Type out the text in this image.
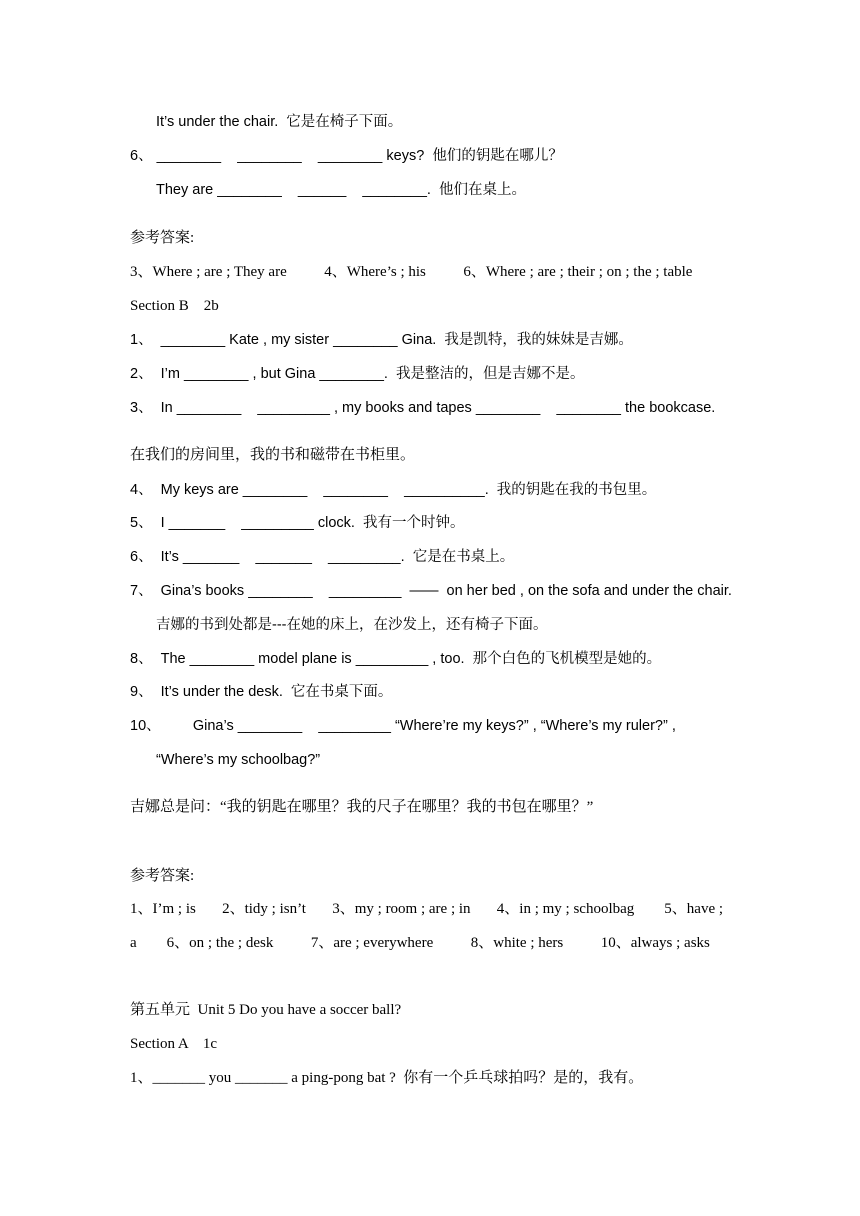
It’s under the chair.  它是在椅子下面。
6、 ________    ________    ________ keys?  他们的钥匙在哪儿？
They are ________    ______    ________.  他们在桌上。
参考答案:
3、Where ; are ; They are          4、Where’s ; his          6、Where ; are ; their ; on ; the ; table
Section B    2b
1、  ________ Kate , my sister ________ Gina.  我是凯特，我的妹妹是吉娜。
2、  I’m ________ , but Gina ________.  我是整洁的，但是吉娜不是。
3、  In ________    _________ , my books and tapes ________    ________ the bookcase.
在我们的房间里，我的书和磁带在书柜里。
4、  My keys are ________    ________    __________.  我的钥匙在我的书包里。
5、  I _______    _________ clock.  我有一个时钟。
6、  It’s _______    _______    _________.  它是在书桌上。
7、  Gina’s books ________    _________  ——  on her bed , on the sofa and under the chair.
吉娜的书到处都是---在她的床上，在沙发上，还有椅子下面。
8、  The ________ model plane is _________ , too.  那个白色的飞机模型是她的。
9、  It’s under the desk.  它在书桌下面。
10、        Gina’s ________    _________ “Where’re my keys?” , “Where’s my ruler?” ,
“Where’s my schoolbag?”
吉娜总是问：“我的钥匙在哪里？我的尺子在哪里？我的书包在哪里？”
参考答案:
1、I’m ; is       2、tidy ; isn’t       3、my ; room ; are ; in       4、in ; my ; schoolbag        5、have ;
a        6、on ; the ; desk          7、are ; everywhere          8、white ; hers          10、always ; asks
第五单元  Unit 5 Do you have a soccer ball?
Section A    1c
1、_______ you _______ a ping-pong bat ?  你有一个乒乓球拍吗？是的，我有。
